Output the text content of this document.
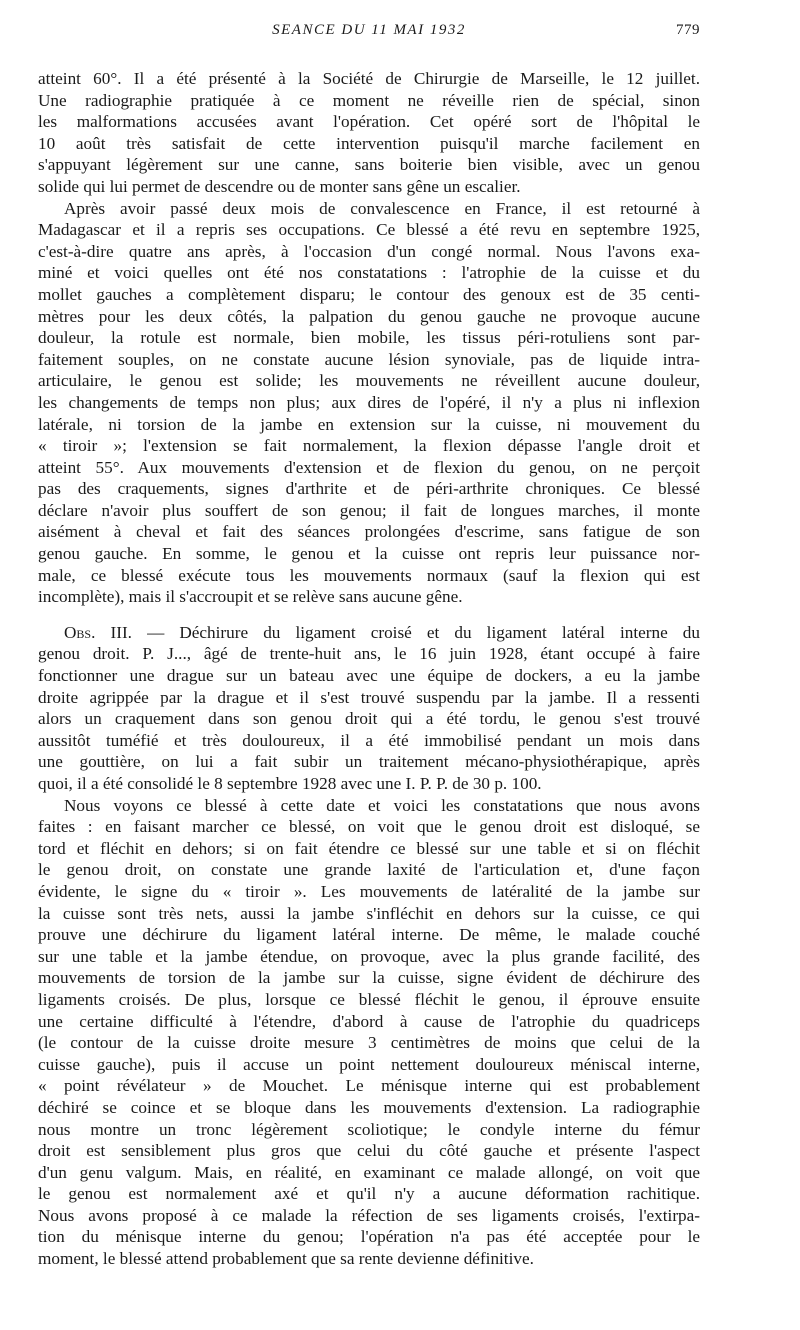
SEANCE DU 11 MAI 1932	779
atteint 60°. Il a été présenté à la Société de Chirurgie de Marseille, le 12 juillet.
Une radiographie pratiquée à ce moment ne réveille rien de spécial, sinon
les malformations accusées avant l'opération. Cet opéré sort de l'hôpital le
10 août très satisfait de cette intervention puisqu'il marche facilement en
s'appuyant légèrement sur une canne, sans boiterie bien visible, avec un genou
solide qui lui permet de descendre ou de monter sans gêne un escalier.
Après avoir passé deux mois de convalescence en France, il est retourné à
Madagascar et il a repris ses occupations. Ce blessé a été revu en septembre 1925,
c'est-à-dire quatre ans après, à l'occasion d'un congé normal. Nous l'avons exa-
miné et voici quelles ont été nos constatations : l'atrophie de la cuisse et du
mollet gauches a complètement disparu; le contour des genoux est de 35 centi-
mètres pour les deux côtés, la palpation du genou gauche ne provoque aucune
douleur, la rotule est normale, bien mobile, les tissus péri-rotuliens sont par-
faitement souples, on ne constate aucune lésion synoviale, pas de liquide intra-
articulaire, le genou est solide; les mouvements ne réveillent aucune douleur,
les changements de temps non plus; aux dires de l'opéré, il n'y a plus ni inflexion
latérale, ni torsion de la jambe en extension sur la cuisse, ni mouvement du
« tiroir »; l'extension se fait normalement, la flexion dépasse l'angle droit et
atteint 55°. Aux mouvements d'extension et de flexion du genou, on ne perçoit
pas des craquements, signes d'arthrite et de péri-arthrite chroniques. Ce blessé
déclare n'avoir plus souffert de son genou; il fait de longues marches, il monte
aisément à cheval et fait des séances prolongées d'escrime, sans fatigue de son
genou gauche. En somme, le genou et la cuisse ont repris leur puissance nor-
male, ce blessé exécute tous les mouvements normaux (sauf la flexion qui est
incomplète), mais il s'accroupit et se relève sans aucune gêne.
Obs. III. — Déchirure du ligament croisé et du ligament latéral interne du
genou droit. P. J..., âgé de trente-huit ans, le 16 juin 1928, étant occupé à faire
fonctionner une drague sur un bateau avec une équipe de dockers, a eu la jambe
droite agrippée par la drague et il s'est trouvé suspendu par la jambe. Il a ressenti
alors un craquement dans son genou droit qui a été tordu, le genou s'est trouvé
aussitôt tuméfié et très douloureux, il a été immobilisé pendant un mois dans
une gouttière, on lui a fait subir un traitement mécano-physiothérapique, après
quoi, il a été consolidé le 8 septembre 1928 avec une I. P. P. de 30 p. 100.
Nous voyons ce blessé à cette date et voici les constatations que nous avons
faites : en faisant marcher ce blessé, on voit que le genou droit est disloqué, se
tord et fléchit en dehors; si on fait étendre ce blessé sur une table et si on fléchit
le genou droit, on constate une grande laxité de l'articulation et, d'une façon
évidente, le signe du « tiroir ». Les mouvements de latéralité de la jambe sur
la cuisse sont très nets, aussi la jambe s'infléchit en dehors sur la cuisse, ce qui
prouve une déchirure du ligament latéral interne. De même, le malade couché
sur une table et la jambe étendue, on provoque, avec la plus grande facilité, des
mouvements de torsion de la jambe sur la cuisse, signe évident de déchirure des
ligaments croisés. De plus, lorsque ce blessé fléchit le genou, il éprouve ensuite
une certaine difficulté à l'étendre, d'abord à cause de l'atrophie du quadriceps
(le contour de la cuisse droite mesure 3 centimètres de moins que celui de la
cuisse gauche), puis il accuse un point nettement douloureux méniscal interne,
« point révélateur » de Mouchet. Le ménisque interne qui est probablement
déchiré se coince et se bloque dans les mouvements d'extension. La radiographie
nous montre un tronc légèrement scoliotique; le condyle interne du fémur
droit est sensiblement plus gros que celui du côté gauche et présente l'aspect
d'un genu valgum. Mais, en réalité, en examinant ce malade allongé, on voit que
le genou est normalement axé et qu'il n'y a aucune déformation rachitique.
Nous avons proposé à ce malade la réfection de ses ligaments croisés, l'extirpa-
tion du ménisque interne du genou; l'opération n'a pas été acceptée pour le
moment, le blessé attend probablement que sa rente devienne définitive.
